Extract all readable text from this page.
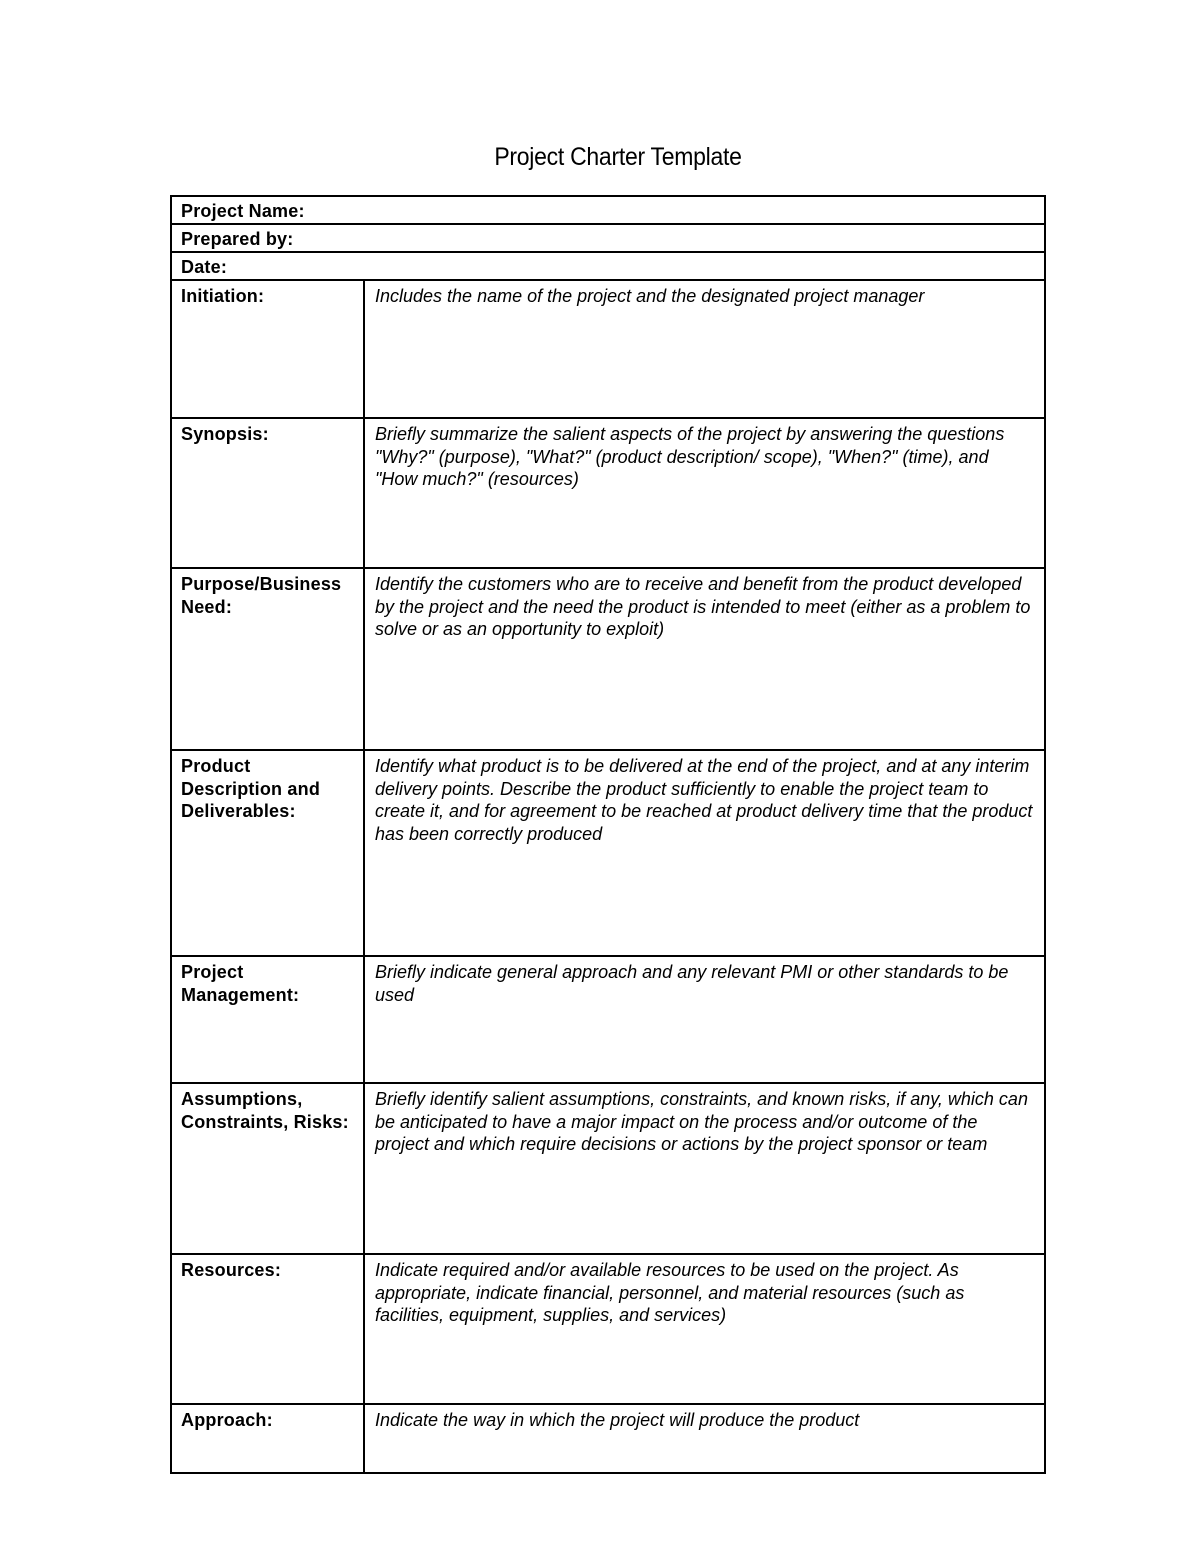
Project Charter Template
Project Name:	
Prepared by:	
Date:	
Initiation:	Includes the name of the project and the designated project manager
Synopsis:	Briefly summarize the salient aspects of the project by answering the questions "Why?" (purpose), "What?" (product description/ scope), "When?" (time), and "How much?" (resources)
Purpose/Business Need:	Identify the customers who are to receive and benefit from the product developed by the project and the need the product is intended to meet (either as a problem to solve or as an opportunity to exploit)
Product Description and Deliverables:	Identify what product is to be delivered at the end of the project, and at any interim delivery points. Describe the product sufficiently to enable the project team to create it, and for agreement to be reached at product delivery time that the product has been correctly produced
Project Management:	Briefly indicate general approach and any relevant PMI or other standards to be used
Assumptions, Constraints, Risks:	Briefly identify salient assumptions, constraints, and known risks, if any, which can be anticipated to have a major impact on the process and/or outcome of the project and which require decisions or actions by the project sponsor or team
Resources:	Indicate required and/or available resources to be used on the project. As appropriate, indicate financial, personnel, and material resources (such as facilities, equipment, supplies, and services)
Approach:	Indicate the way in which the project will produce the product
